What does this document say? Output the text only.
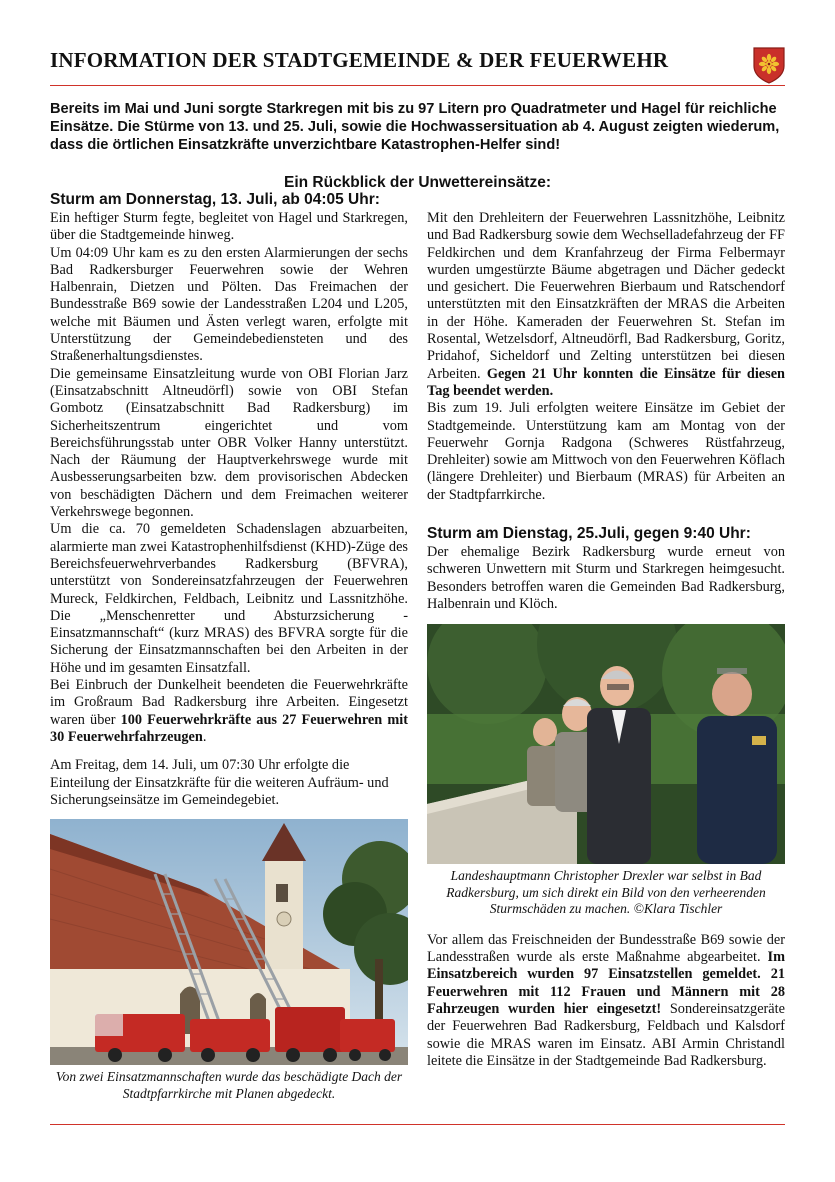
INFORMATION DER STADTGEMEINDE & DER FEUERWEHR
Bereits im Mai und Juni sorgte Starkregen mit bis zu 97 Litern pro Quadratmeter und Hagel für reichliche Einsätze. Die Stürme von 13. und 25. Juli, sowie die Hochwassersituation ab 4. August zeigten wiederum, dass die örtlichen Einsatzkräfte unverzichtbare Katastrophen-Helfer sind!
Ein Rückblick der Unwettereinsätze:
Sturm am Donnerstag, 13. Juli, ab 04:05 Uhr:

Ein heftiger Sturm fegte, begleitet von Hagel und Starkregen, über die Stadtgemeinde hinweg.

Um 04:09 Uhr kam es zu den ersten Alarmierungen der sechs Bad Radkersburger Feuerwehren sowie der Wehren Halbenrain, Dietzen und Pölten. Das Freimachen der Bundesstraße B69 sowie der Landesstraßen L204 und L205, welche mit Bäumen und Ästen verlegt waren, erfolgte mit Unterstützung der Gemeindebediensteten und des Straßenerhaltungsdienstes.

Die gemeinsame Einsatzleitung wurde von OBI Florian Jarz (Einsatzabschnitt Altneudörfl) sowie von OBI Stefan Gombotz (Einsatzabschnitt Bad Radkersburg) im Sicherheitszentrum eingerichtet und vom Bereichsführungsstab unter OBR Volker Hanny unterstützt. Nach der Räumung der Hauptverkehrswege wurde mit Ausbesserungsarbeiten bzw. dem provisorischen Abdecken von beschädigten Dächern und dem Freimachen weiterer Verkehrswege begonnen.

Um die ca. 70 gemeldeten Schadenslagen abzuarbeiten, alarmierte man zwei Katastrophenhilfsdienst (KHD)-Züge des Bereichsfeuerwehrverbandes Radkersburg (BFVRA), unterstützt von Sondereinsatzfahrzeugen der Feuerwehren Mureck, Feldkirchen, Feldbach, Leibnitz und Lassnitzhöhe. Die „Menschenretter und Absturzsicherung - Einsatzmannschaft“ (kurz MRAS) des BFVRA sorgte für die Sicherung der Einsatzmannschaften bei den Arbeiten in der Höhe und im gesamten Einsatzfall.

Bei Einbruch der Dunkelheit beendeten die Feuerwehrkräfte im Großraum Bad Radkersburg ihre Arbeiten. Eingesetzt waren über 100 Feuerwehrkräfte aus 27 Feuerwehren mit 30 Feuerwehrfahrzeugen.

Am Freitag, dem 14. Juli, um 07:30 Uhr erfolgte die Einteilung der Einsatzkräfte für die weiteren Aufräum- und Sicherungseinsätze im Gemeindegebiet.

Von zwei Einsatzmannschaften wurde das beschädigte Dach der Stadtpfarrkirche mit Planen abgedeckt.

Mit den Drehleitern der Feuerwehren Lassnitzhöhe, Leibnitz und Bad Radkersburg sowie dem Wechselladefahrzeug der FF Feldkirchen und dem Kranfahrzeug der Firma Felbermayr wurden umgestürzte Bäume abgetragen und Dächer gedeckt und gesichert. Die Feuerwehren Bierbaum und Ratschendorf unterstützten mit den Einsatzkräften der MRAS die Arbeiten in der Höhe. Kameraden der Feuerwehren St. Stefan im Rosental, Wetzelsdorf, Altneudörfl, Bad Radkersburg, Goritz, Pridahof, Sicheldorf und Zelting unterstützen bei diesen Arbeiten. Gegen 21 Uhr konnten die Einsätze für diesen Tag beendet werden.

Bis zum 19. Juli erfolgten weitere Einsätze im Gebiet der Stadtgemeinde. Unterstützung kam am Montag von der Feuerwehr Gornja Radgona (Schweres Rüstfahrzeug, Drehleiter) sowie am Mittwoch von den Feuerwehren Köflach (längere Drehleiter) und Bierbaum (MRAS) für Arbeiten an der Stadtpfarrkirche.

Sturm am Dienstag, 25.Juli, gegen 9:40 Uhr:

Der ehemalige Bezirk Radkersburg wurde erneut von schweren Unwettern mit Sturm und Starkregen heimgesucht. Besonders betroffen waren die Gemeinden Bad Radkersburg, Halbenrain und Klöch.

Landeshauptmann Christopher Drexler war selbst in Bad Radkersburg, um sich direkt ein Bild von den verheerenden Sturmschäden zu machen. ©Klara Tischler

Vor allem das Freischneiden der Bundesstraße B69 sowie der Landesstraßen wurde als erste Maßnahme abgearbeitet. Im Einsatzbereich wurden 97 Einsatzstellen gemeldet. 21 Feuerwehren mit 112 Frauen und Männern mit 28 Fahrzeugen wurden hier eingesetzt! Sondereinsatzgeräte der Feuerwehren Bad Radkersburg, Feldbach und Kalsdorf sowie die MRAS waren im Einsatz. ABI Armin Christandl leitete die Einsätze in der Stadtgemeinde Bad Radkersburg.
